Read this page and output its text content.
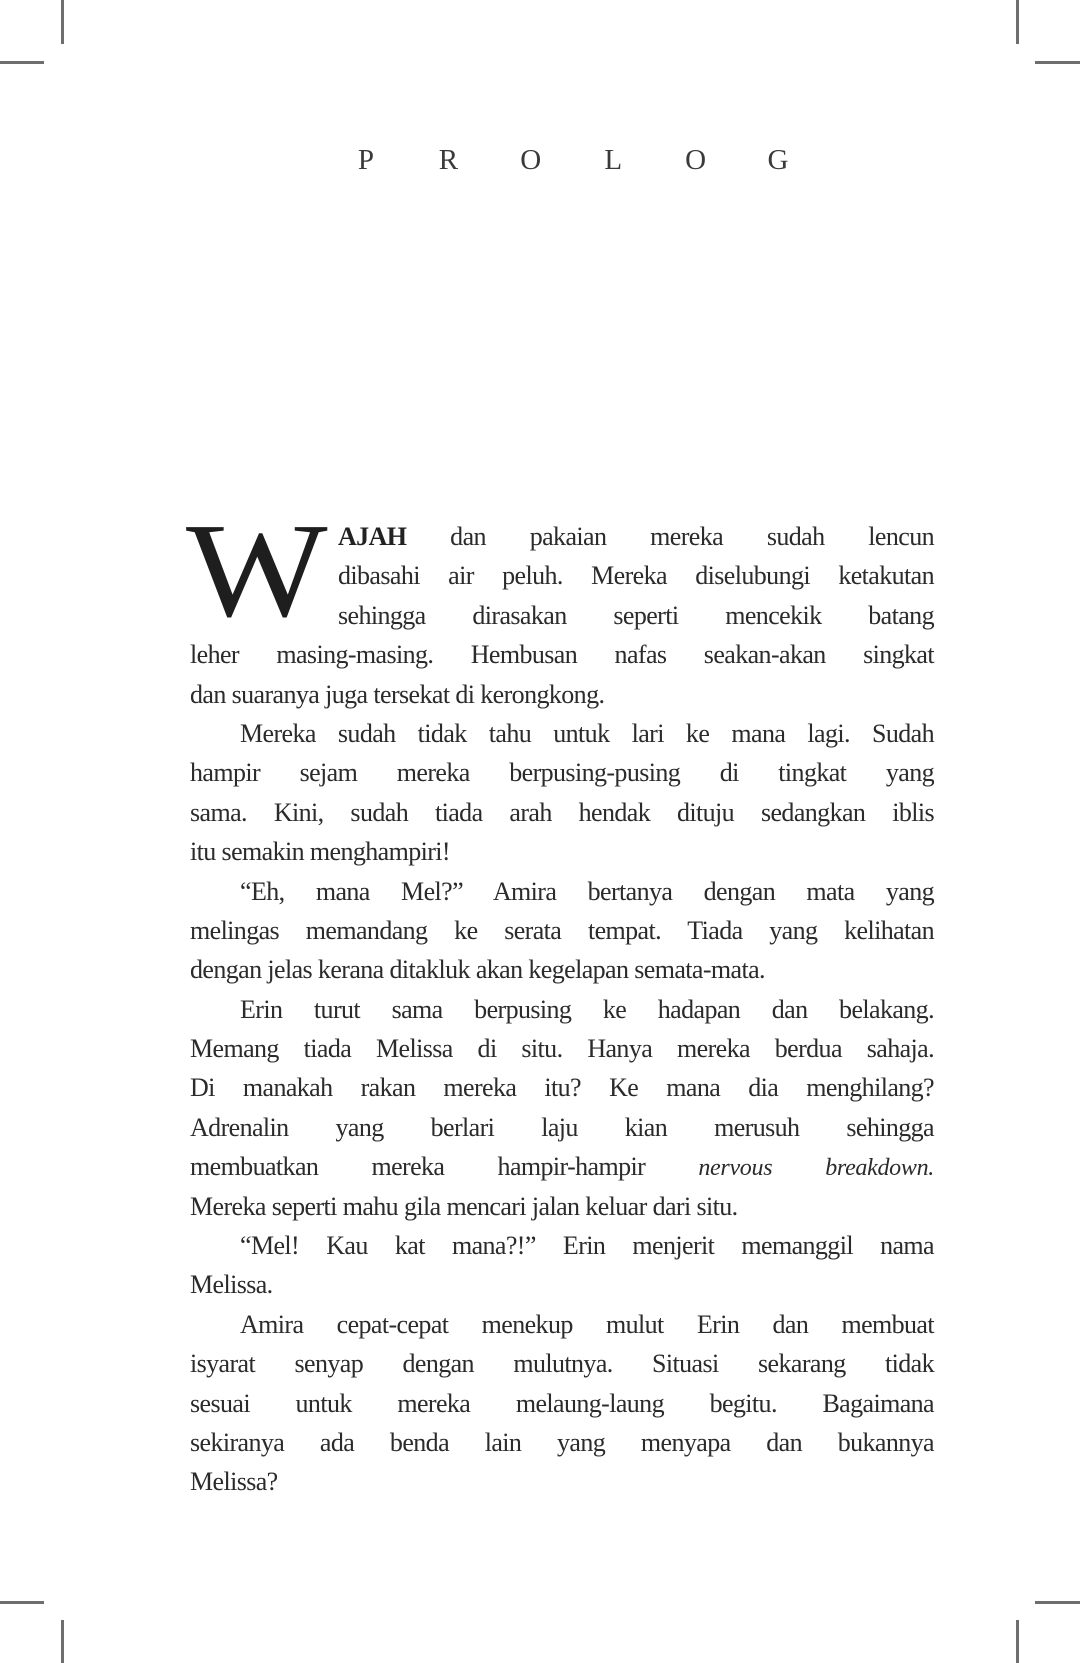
P R O L O G
W AJAH dan pakaian mereka sudah lencun
dibasahi air peluh. Mereka diselubungi ketakutan
sehingga dirasakan seperti mencekik batang
leher masing-masing. Hembusan nafas seakan-akan singkat
dan suaranya juga tersekat di kerongkong.
Mereka sudah tidak tahu untuk lari ke mana lagi. Sudah
hampir sejam mereka berpusing-pusing di tingkat yang
sama. Kini, sudah tiada arah hendak dituju sedangkan iblis
itu semakin menghampiri!
“Eh, mana Mel?” Amira bertanya dengan mata yang
melingas memandang ke serata tempat. Tiada yang kelihatan
dengan jelas kerana ditakluk akan kegelapan semata-mata.
Erin turut sama berpusing ke hadapan dan belakang.
Memang tiada Melissa di situ. Hanya mereka berdua sahaja.
Di manakah rakan mereka itu? Ke mana dia menghilang?
Adrenalin yang berlari laju kian merusuh sehingga
membuatkan mereka hampir-hampir nervous breakdown.
Mereka seperti mahu gila mencari jalan keluar dari situ.
“Mel! Kau kat mana?!” Erin menjerit memanggil nama
Melissa.
Amira cepat-cepat menekup mulut Erin dan membuat
isyarat senyap dengan mulutnya. Situasi sekarang tidak
sesuai untuk mereka melaung-laung begitu. Bagaimana
sekiranya ada benda lain yang menyapa dan bukannya
Melissa?
